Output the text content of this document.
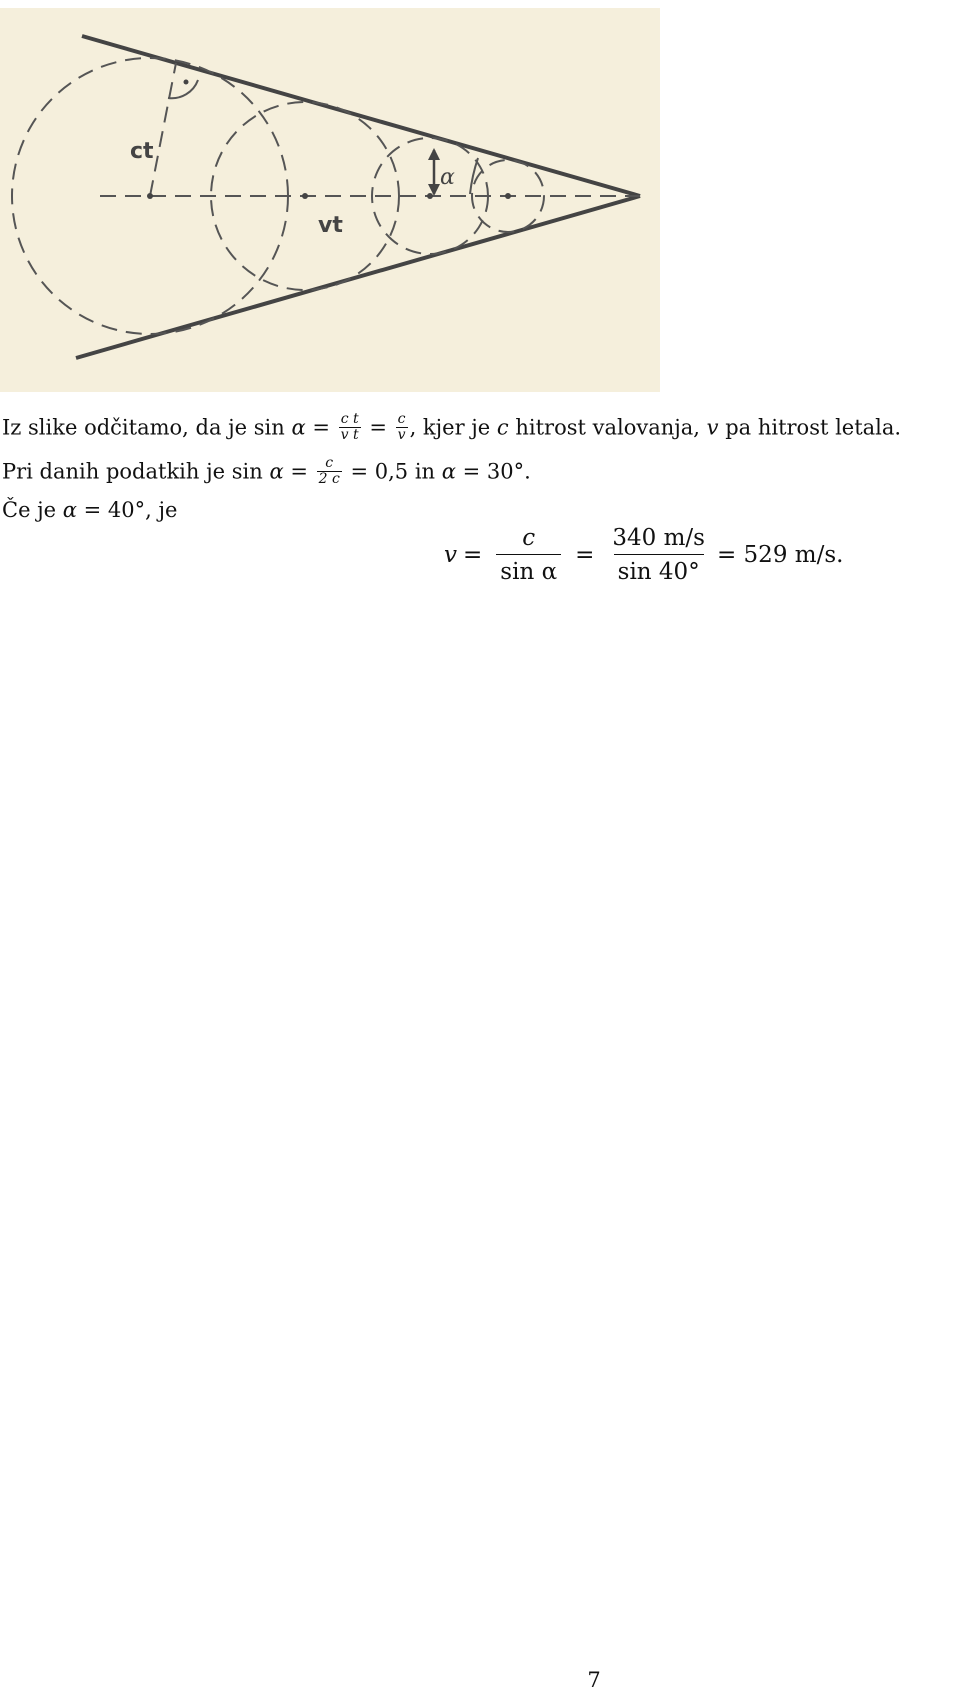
ct
vt
α
Iz slike odčitamo, da je $\sin \alpha = \frac{\text{c t}}{\text{v t}} = \frac{c}{v}$ , kjer je c hitrost valovanja, v pa hitrost letala.
Pri danih podatkih je $\sin \alpha = \frac{c}{2 c} = 0,5$ in α = 30°.
Če je α = 40°, je
$v = \frac{c}{\text{sin α}} = \frac{340 m/s}{\sin 40^\circ} = 529$ m/s.
7
